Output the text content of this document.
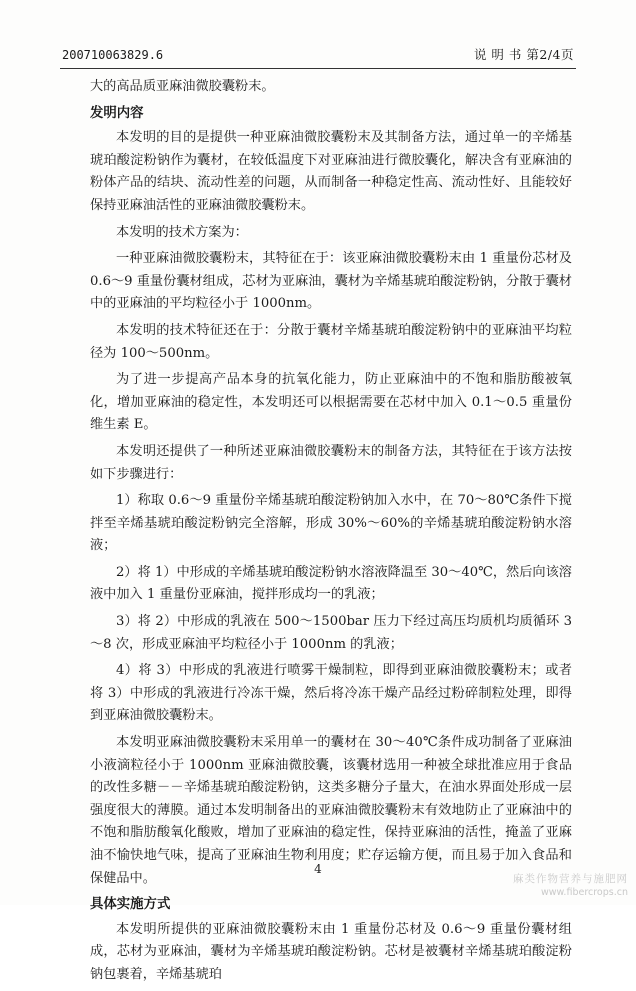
200710063829.6	说 明 书 第2/4页

大的高品质亚麻油微胶囊粉末。

发明内容

本发明的目的是提供一种亚麻油微胶囊粉末及其制备方法，通过单一的辛烯基琥珀酸淀粉钠作为囊材，在较低温度下对亚麻油进行微胶囊化，解决含有亚麻油的粉体产品的结块、流动性差的问题，从而制备一种稳定性高、流动性好、且能较好保持亚麻油活性的亚麻油微胶囊粉末。

本发明的技术方案为：

一种亚麻油微胶囊粉末，其特征在于：该亚麻油微胶囊粉末由 1 重量份芯材及 0.6～9 重量份囊材组成，芯材为亚麻油，囊材为辛烯基琥珀酸淀粉钠，分散于囊材中的亚麻油的平均粒径小于 1000nm。

本发明的技术特征还在于：分散于囊材辛烯基琥珀酸淀粉钠中的亚麻油平均粒径为 100～500nm。

为了进一步提高产品本身的抗氧化能力，防止亚麻油中的不饱和脂肪酸被氧化，增加亚麻油的稳定性，本发明还可以根据需要在芯材中加入 0.1～0.5 重量份维生素 E。

本发明还提供了一种所述亚麻油微胶囊粉末的制备方法，其特征在于该方法按如下步骤进行：

1）称取 0.6～9 重量份辛烯基琥珀酸淀粉钠加入水中，在 70～80℃条件下搅拌至辛烯基琥珀酸淀粉钠完全溶解，形成 30%～60%的辛烯基琥珀酸淀粉钠水溶液；

2）将 1）中形成的辛烯基琥珀酸淀粉钠水溶液降温至 30～40℃，然后向该溶液中加入 1 重量份亚麻油，搅拌形成均一的乳液；

3）将 2）中形成的乳液在 500～1500bar 压力下经过高压均质机均质循环 3～8 次，形成亚麻油平均粒径小于 1000nm 的乳液；

4）将 3）中形成的乳液进行喷雾干燥制粒，即得到亚麻油微胶囊粉末；或者将 3）中形成的乳液进行冷冻干燥，然后将冷冻干燥产品经过粉碎制粒处理，即得到亚麻油微胶囊粉末。

本发明亚麻油微胶囊粉末采用单一的囊材在 30～40℃条件成功制备了亚麻油小液滴粒径小于 1000nm 亚麻油微胶囊，该囊材选用一种被全球批准应用于食品的改性多糖－－辛烯基琥珀酸淀粉钠，这类多糖分子量大，在油水界面处形成一层强度很大的薄膜。通过本发明制备出的亚麻油微胶囊粉末有效地防止了亚麻油中的不饱和脂肪酸氧化酸败，增加了亚麻油的稳定性，保持亚麻油的活性，掩盖了亚麻油不愉快地气味，提高了亚麻油生物利用度；贮存运输方便，而且易于加入食品和保健品中。

具体实施方式

本发明所提供的亚麻油微胶囊粉末由 1 重量份芯材及 0.6～9 重量份囊材组成，芯材为亚麻油，囊材为辛烯基琥珀酸淀粉钠。芯材是被囊材辛烯基琥珀酸淀粉钠包裹着，辛烯基琥珀

4
麻类作物营养与施肥网
www.fibercrops.cn
